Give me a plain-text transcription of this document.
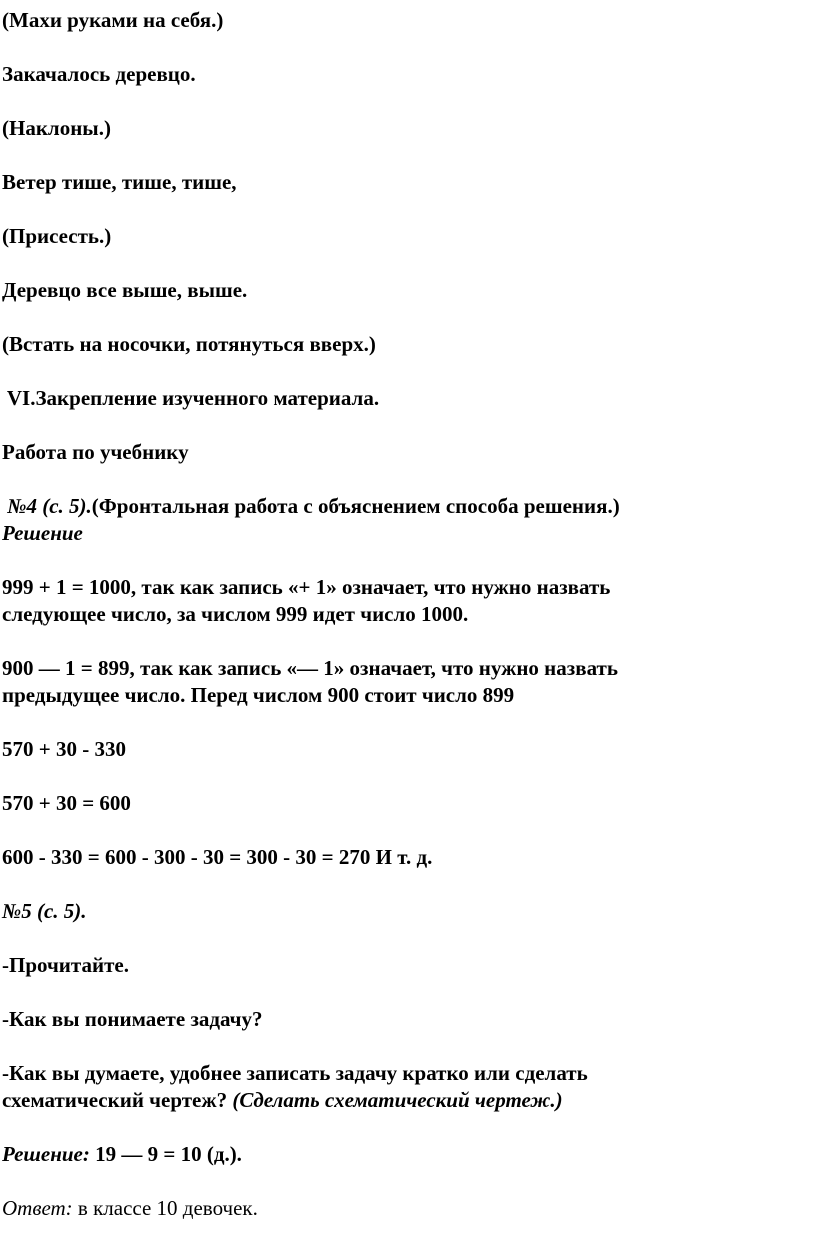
(Махи руками на себя.)

Закачалось деревцо.

(Наклоны.)

Ветер тише, тише, тише,

(Присесть.)

Деревцо все выше, выше.

(Встать на носочки, потянуться вверх.)

VI.Закрепление изученного материала.

Работа по учебнику

№4 (с. 5).(Фронтальная работа с объяснением способа решения.)

Решение

999 + 1 = 1000, так как запись «+ 1» означает, что нужно назвать

следующее число, за числом 999 идет число 1000.

900 — 1 = 899, так как запись «— 1» означает, что нужно назвать

предыдущее число. Перед числом 900 стоит число 899

570 + 30 - 330

570 + 30 = 600

600 - 330 = 600 - 300 - 30 = 300 - 30 = 270 И т. д.

№5 (с. 5).

-Прочитайте.

-Как вы понимаете задачу?

-Как вы думаете, удобнее записать задачу кратко или сделать

схематический чертеж? (Сделать схематический чертеж.)

Решение: 19 — 9 = 10 (д.).

Ответ: в классе 10 девочек.
